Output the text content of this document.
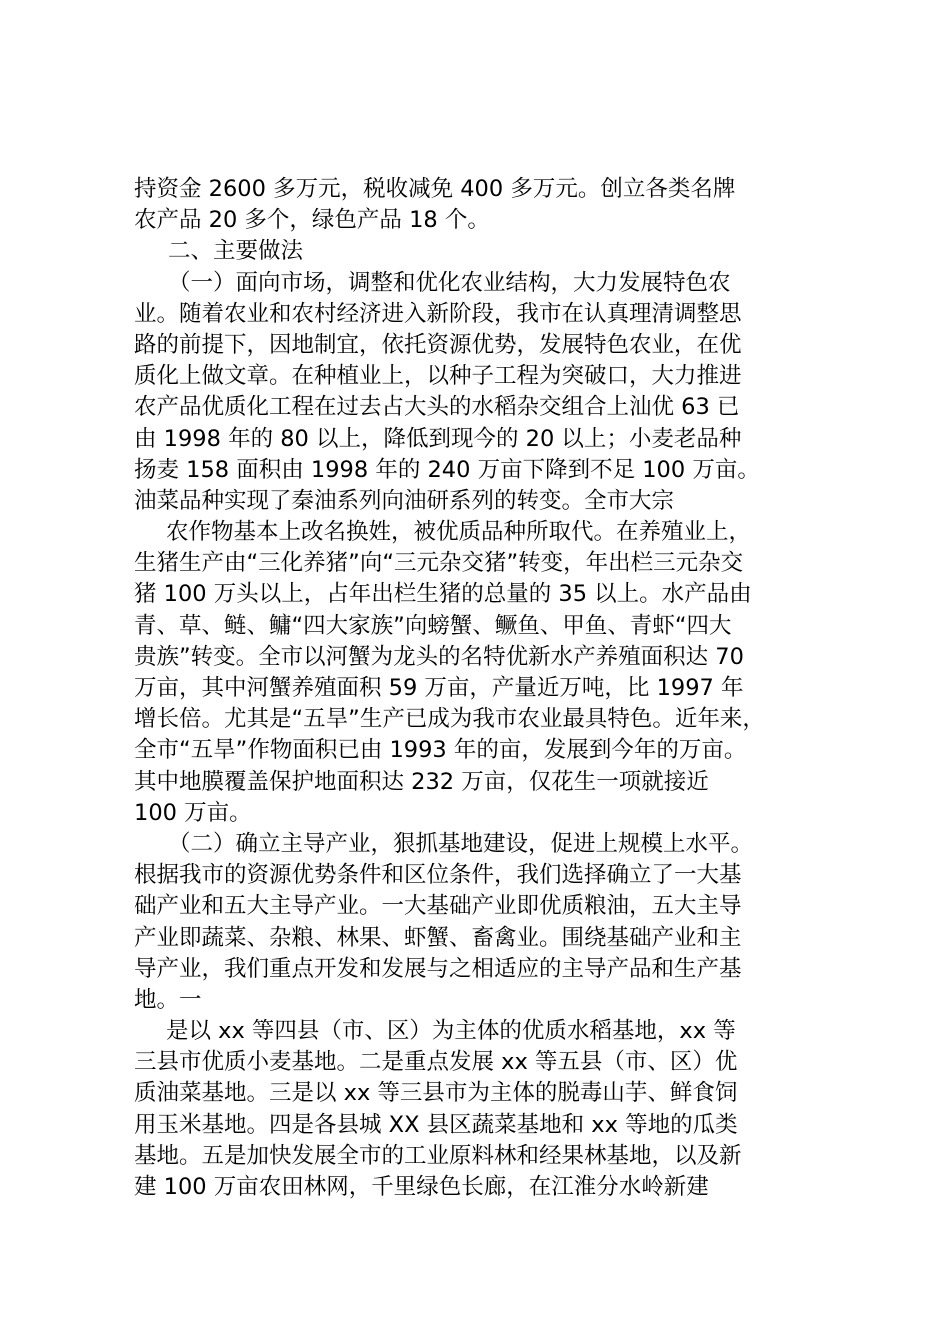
持资金 2600 多万元，税收减免 400 多万元。创立各类名牌
农产品 20 多个，绿色产品 18 个。
二、主要做法
（一）面向市场，调整和优化农业结构，大力发展特色农
业。随着农业和农村经济进入新阶段，我市在认真理清调整思
路的前提下，因地制宜，依托资源优势，发展特色农业，在优
质化上做文章。在种植业上，以种子工程为突破口，大力推进
农产品优质化工程在过去占大头的水稻杂交组合上汕优 63 已
由 1998 年的 80 以上，降低到现今的 20 以上；小麦老品种
扬麦 158 面积由 1998 年的 240 万亩下降到不足 100 万亩。
油菜品种实现了秦油系列向油研系列的转变。全市大宗
农作物基本上改名换姓，被优质品种所取代。在养殖业上，
生猪生产由“三化养猪”向“三元杂交猪”转变，年出栏三元杂交
猪 100 万头以上，占年出栏生猪的总量的 35 以上。水产品由
青、草、鲢、鳙“四大家族”向螃蟹、鳜鱼、甲鱼、青虾“四大
贵族”转变。全市以河蟹为龙头的名特优新水产养殖面积达 70
万亩，其中河蟹养殖面积 59 万亩，产量近万吨，比 1997 年
增长倍。尤其是“五旱”生产已成为我市农业最具特色。近年来，
全市“五旱”作物面积已由 1993 年的亩，发展到今年的万亩。
其中地膜覆盖保护地面积达 232 万亩，仅花生一项就接近
100 万亩。
（二）确立主导产业，狠抓基地建设，促进上规模上水平。
根据我市的资源优势条件和区位条件，我们选择确立了一大基
础产业和五大主导产业。一大基础产业即优质粮油，五大主导
产业即蔬菜、杂粮、林果、虾蟹、畜禽业。围绕基础产业和主
导产业，我们重点开发和发展与之相适应的主导产品和生产基
地。一
是以 xx 等四县（市、区）为主体的优质水稻基地，xx 等
三县市优质小麦基地。二是重点发展 xx 等五县（市、区）优
质油菜基地。三是以 xx 等三县市为主体的脱毒山芋、鲜食饲
用玉米基地。四是各县城 XX 县区蔬菜基地和 xx 等地的瓜类
基地。五是加快发展全市的工业原料林和经果林基地，以及新
建 100 万亩农田林网，千里绿色长廊，在江淮分水岭新建
